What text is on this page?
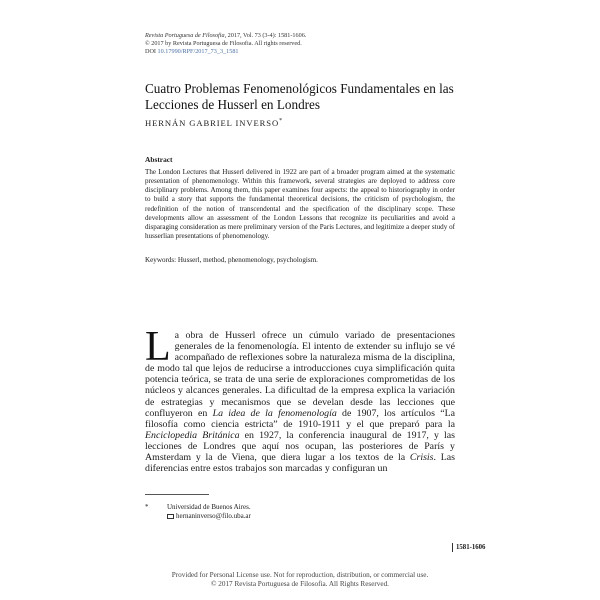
Revista Portuguesa de Filosofia, 2017, Vol. 73 (3-4): 1581-1606.
© 2017 by Revista Portuguesa de Filosofia. All rights reserved.
DOI 10.17990/RPF/2017_73_3_1581
Cuatro Problemas Fenomenológicos Fundamentales en las Lecciones de Husserl en Londres
HERNÁN GABRIEL INVERSO*
Abstract
The London Lectures that Husserl delivered in 1922 are part of a broader program aimed at the systematic presentation of phenomenology. Within this framework, several strategies are deployed to address core disciplinary problems. Among them, this paper examines four aspects: the appeal to historiography in order to build a story that supports the fundamental theoretical decisions, the criticism of psychologism, the redefinition of the notion of transcendental and the specification of the disciplinary scope. These developments allow an assessment of the London Lessons that recognize its peculiarities and avoid a disparaging consideration as mere preliminary version of the Paris Lectures, and legitimize a deeper study of husserlian presentations of phenomenology.
Keywords: Husserl, method, phenomenology, psychologism.
La obra de Husserl ofrece un cúmulo variado de presentaciones generales de la fenomenología. El intento de extender su influjo se vé acompañado de reflexiones sobre la naturaleza misma de la disciplina, de modo tal que lejos de reducirse a introducciones cuya simplificación quita potencia teórica, se trata de una serie de exploraciones comprometidas de los núcleos y alcances generales. La dificultad de la empresa explica la variación de estrategias y mecanismos que se develan desde las lecciones que confluyeron en La idea de la fenomenología de 1907, los artículos “La filosofía como ciencia estricta” de 1910-1911 y el que preparó para la Enciclopedia Británica en 1927, la conferencia inaugural de 1917, y las lecciones de Londres que aquí nos ocupan, las posteriores de París y Amsterdam y la de Viena, que diera lugar a los textos de la Crisis. Las diferencias entre estos trabajos son marcadas y configuran un
*	Universidad de Buenos Aires.
hernaninverso@filo.uba.ar
1581-1606
Provided for Personal License use. Not for reproduction, distribution, or commercial use.
© 2017 Revista Portuguesa de Filosofia. All Rights Reserved.
